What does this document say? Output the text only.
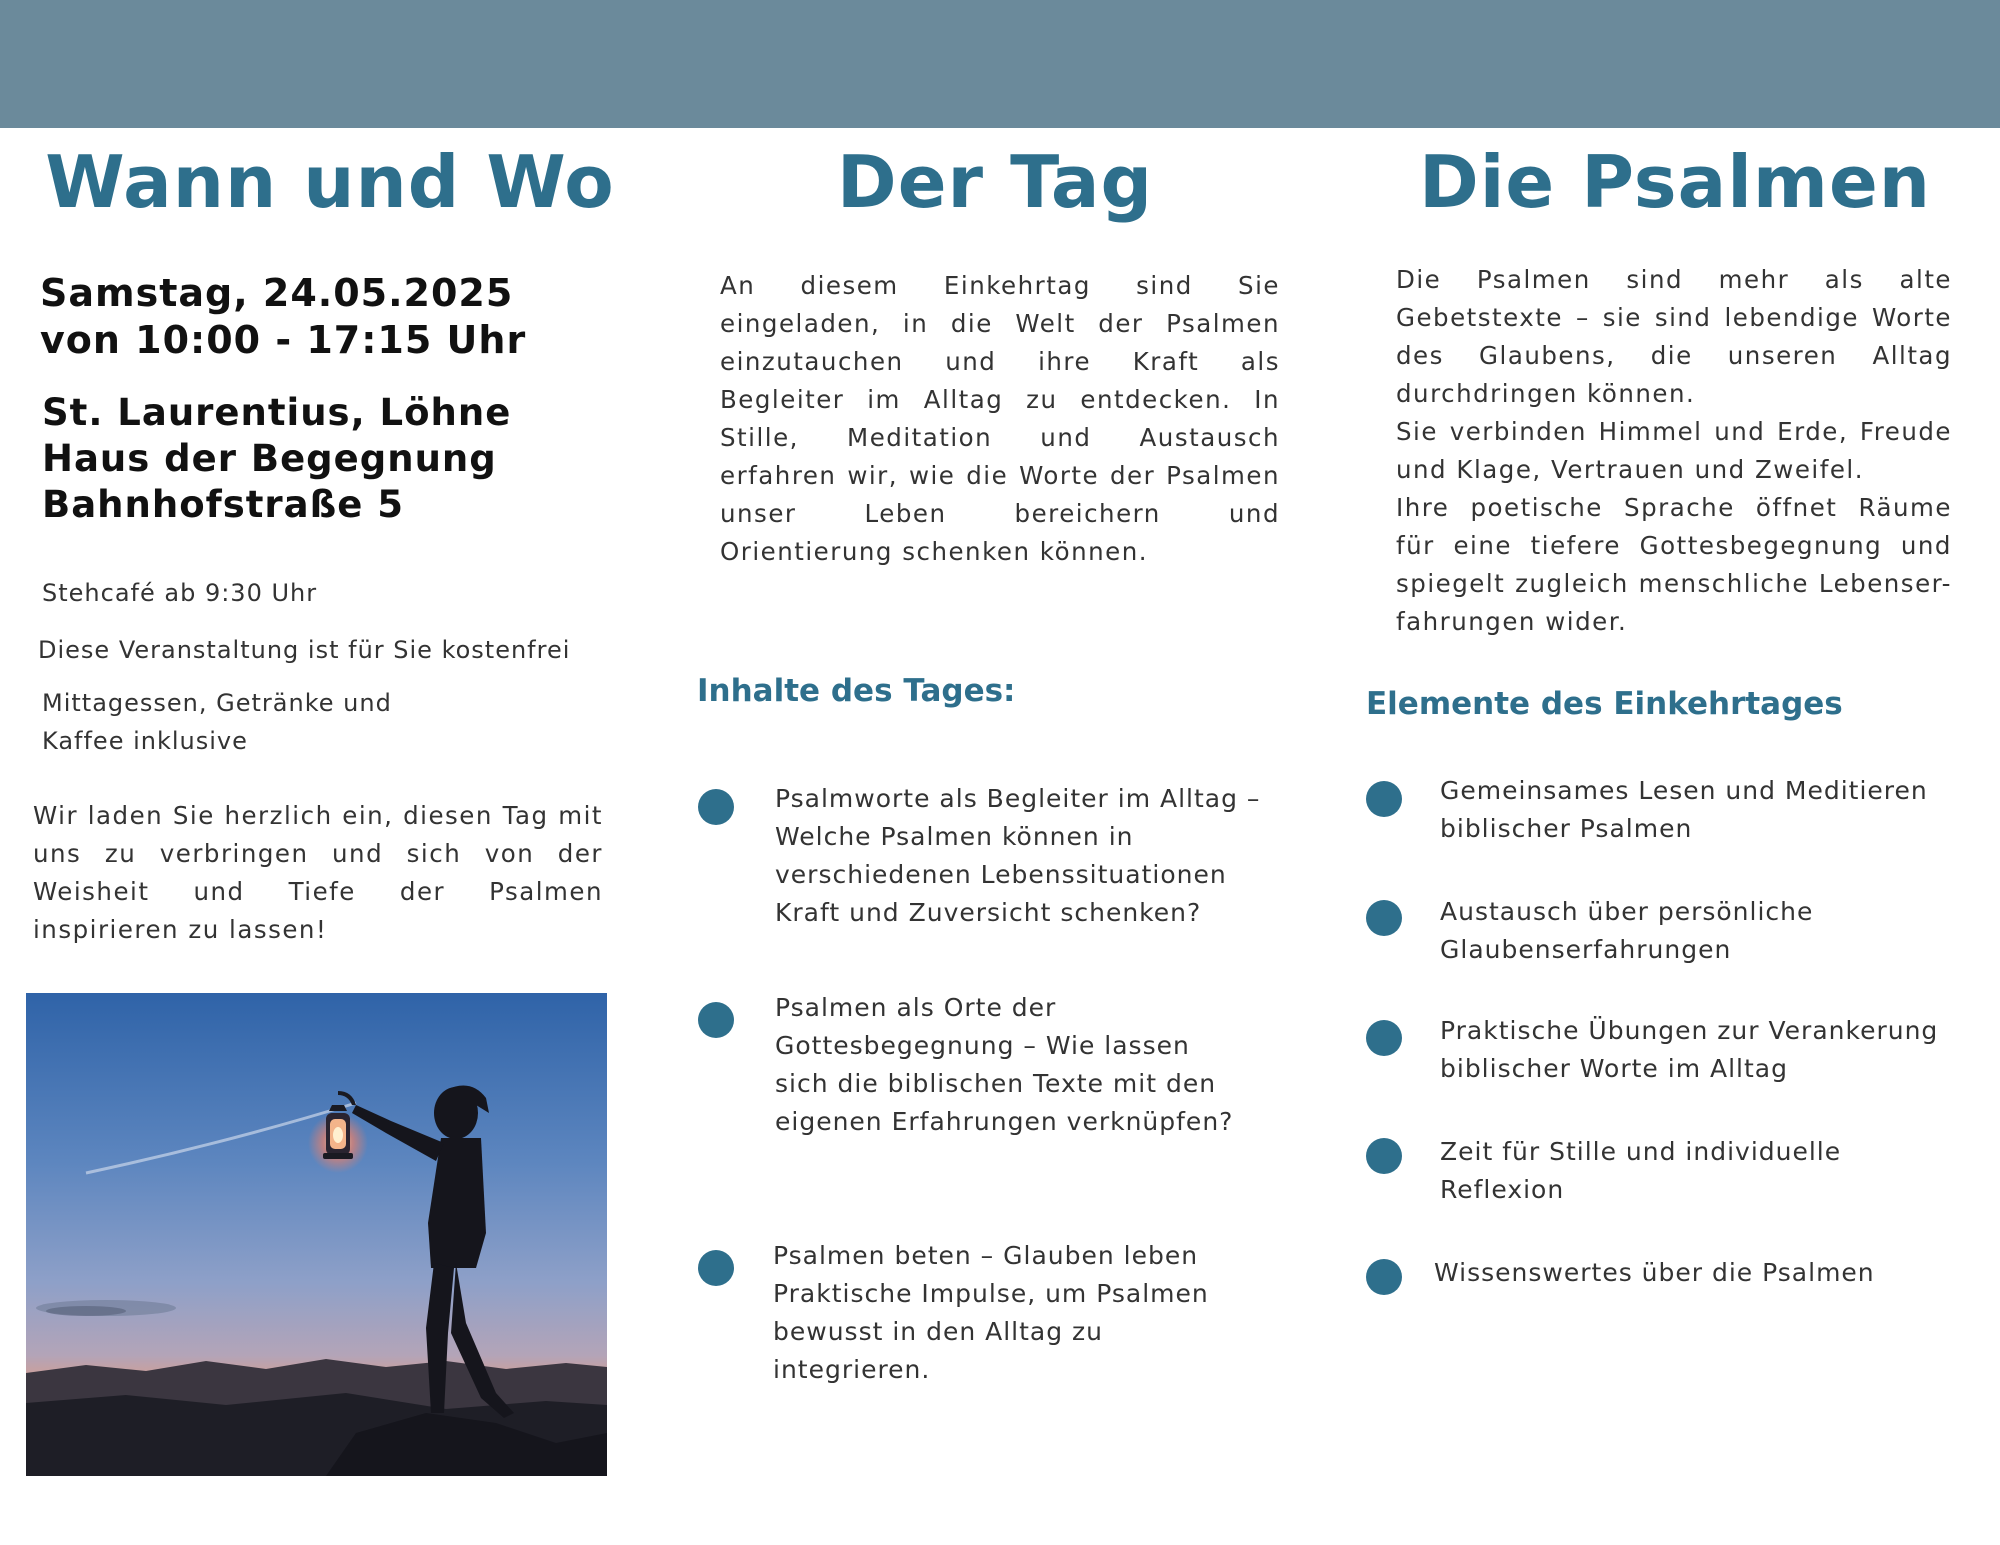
Wann und Wo
Samstag, 24.05.2025
von 10:00 - 17:15 Uhr
St. Laurentius, Löhne
Haus der Begegnung
Bahnhofstraße 5
Stehcafé ab 9:30 Uhr
Diese Veranstaltung ist für Sie kostenfrei
Mittagessen, Getränke und
Kaffee inklusive
Wir laden Sie herzlich ein, diesen Tag mit uns zu verbringen und sich von der Weisheit und Tiefe der Psalmen inspirieren zu lassen!
Der Tag
An diesem Einkehrtag sind Sie eingeladen, in die Welt der Psalmen einzutauchen und ihre Kraft als Begleiter im Alltag zu entdecken. In Stille, Meditation und Austausch erfahren wir, wie die Worte der Psalmen unser Leben bereichern und Orientierung schenken können.
Inhalte des Tages:
Psalmworte als Begleiter im Alltag – Welche Psalmen können in verschiedenen Lebenssituationen Kraft und Zuversicht schenken?
Psalmen als Orte der Gottesbegegnung – Wie lassen sich die biblischen Texte mit den eigenen Erfahrungen verknüpfen?
Psalmen beten – Glauben leben Praktische Impulse, um Psalmen bewusst in den Alltag zu integrieren.
Die Psalmen
Die Psalmen sind mehr als alte Gebetstexte – sie sind lebendige Worte des Glaubens, die unseren Alltag durchdringen können.
Sie verbinden Himmel und Erde, Freude und Klage, Vertrauen und Zweifel.
Ihre poetische Sprache öffnet Räume für eine tiefere Gottesbegegnung und spiegelt zugleich menschliche Lebenser-fahrungen wider.
Elemente des Einkehrtages
Gemeinsames Lesen und Meditieren biblischer Psalmen
Austausch über persönliche Glaubenserfahrungen
Praktische Übungen zur Verankerung biblischer Worte im Alltag
Zeit für Stille und individuelle Reflexion
Wissenswertes über die Psalmen
